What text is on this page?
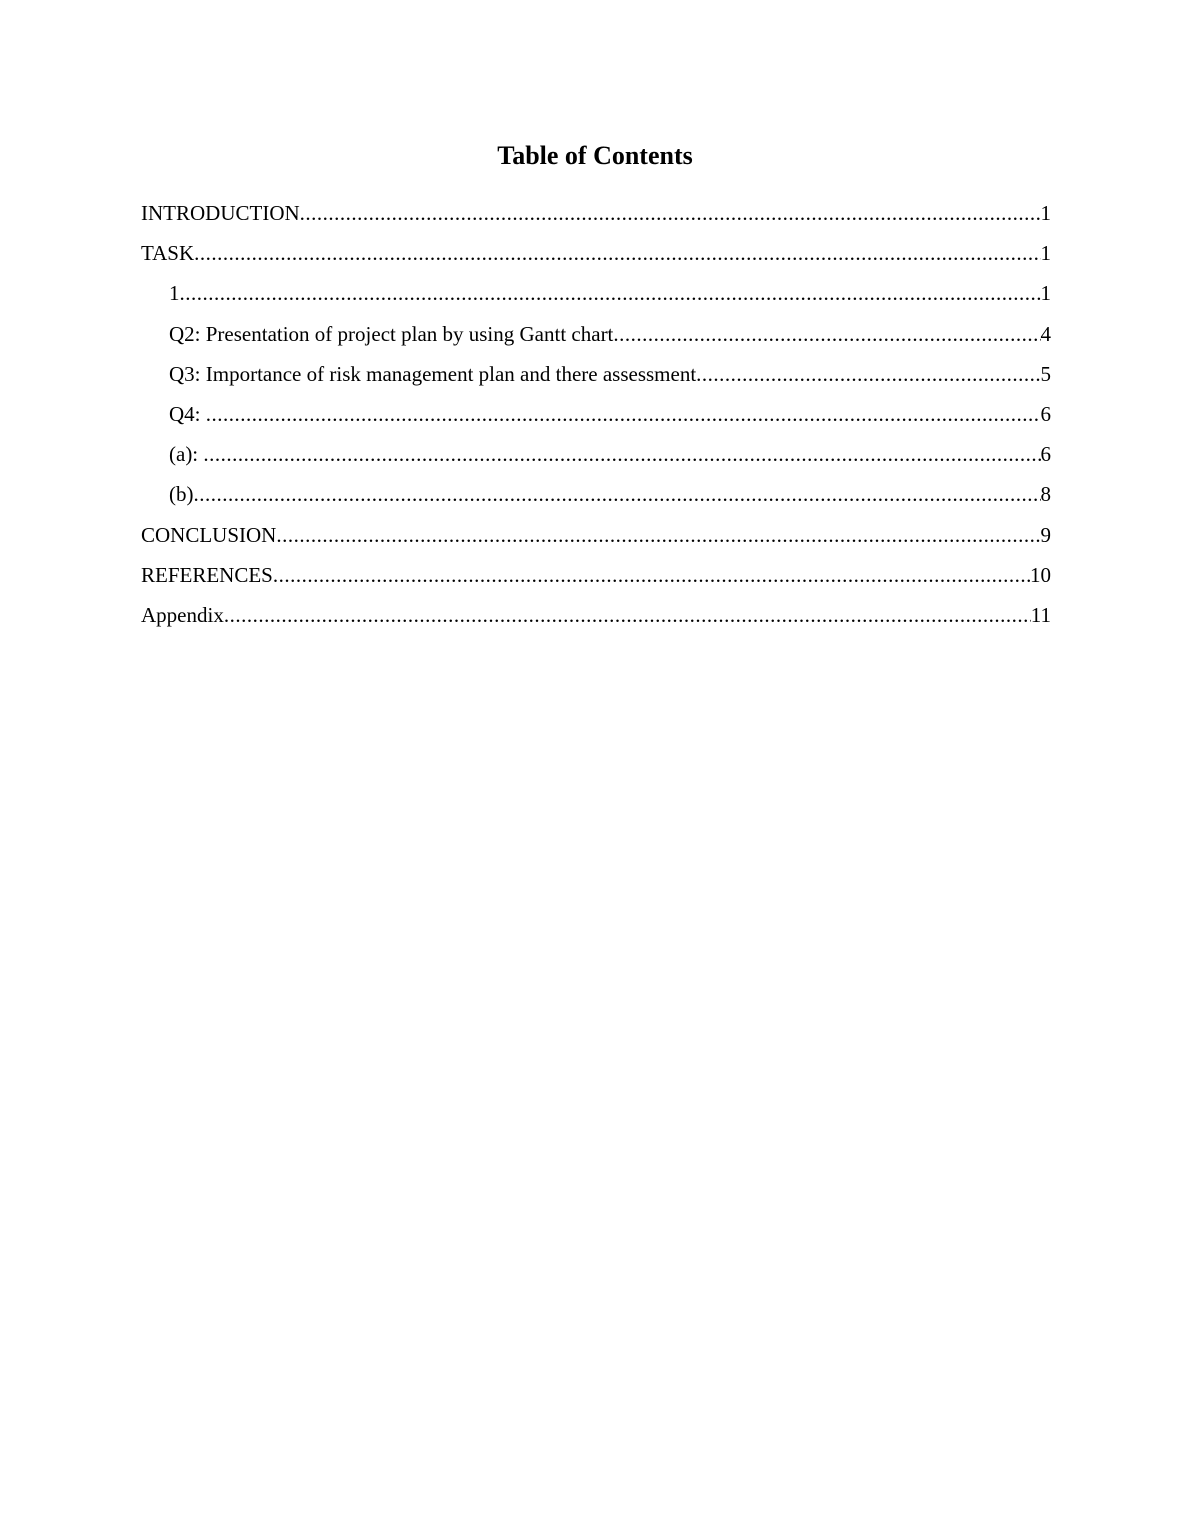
Table of Contents
INTRODUCTION .....	1
TASK .....	1
1 .....	1
Q2: Presentation of project plan by using Gantt chart .....	4
Q3: Importance of risk management plan and there assessment .....	5
Q4: .....	6
(a): .....	6
(b) .....	8
CONCLUSION .....	9
REFERENCES .....	10
Appendix .....	11
